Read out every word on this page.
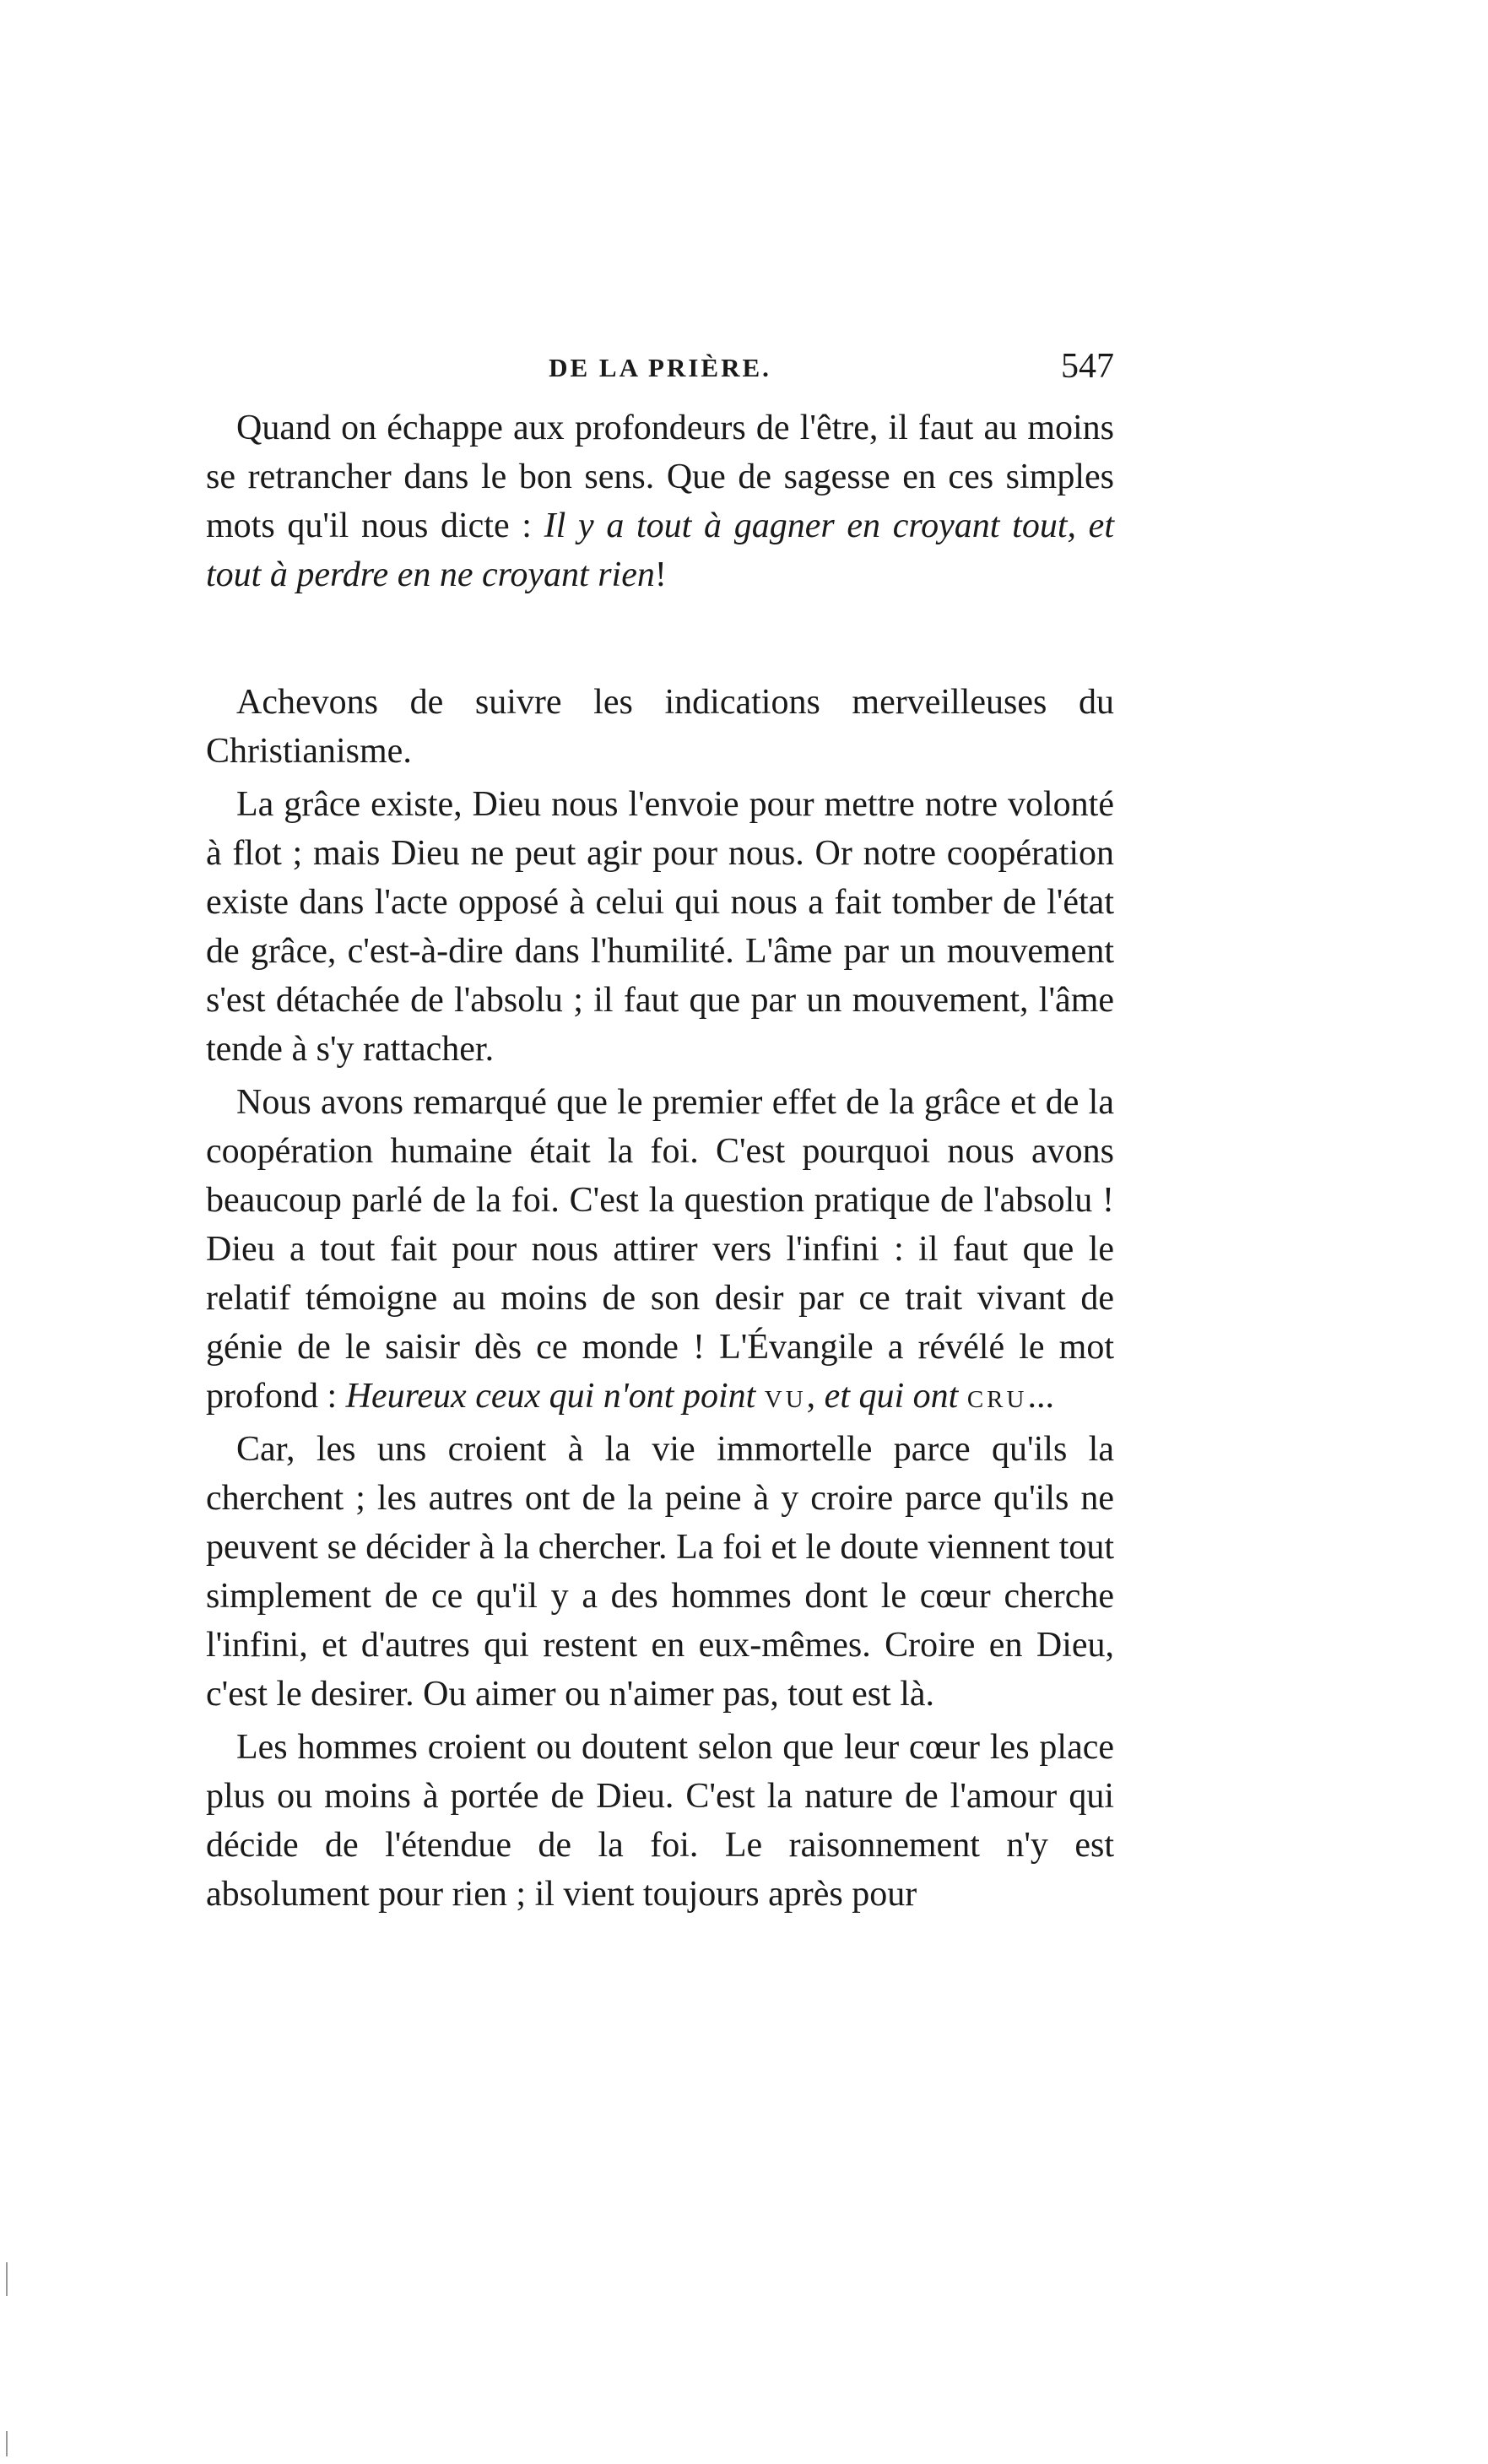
DE LA PRIÈRE.	547

Quand on échappe aux profondeurs de l'être, il faut au moins se retrancher dans le bon sens. Que de sagesse en ces simples mots qu'il nous dicte : Il y a tout à gagner en croyant tout, et tout à perdre en ne croyant rien!

Achevons de suivre les indications merveilleuses du Christianisme.

La grâce existe, Dieu nous l'envoie pour mettre notre volonté à flot ; mais Dieu ne peut agir pour nous. Or notre coopération existe dans l'acte opposé à celui qui nous a fait tomber de l'état de grâce, c'est-à-dire dans l'humilité. L'âme par un mouvement s'est détachée de l'absolu ; il faut que par un mouvement, l'âme tende à s'y rattacher.

Nous avons remarqué que le premier effet de la grâce et de la coopération humaine était la foi. C'est pourquoi nous avons beaucoup parlé de la foi. C'est la question pratique de l'absolu ! Dieu a tout fait pour nous attirer vers l'infini : il faut que le relatif témoigne au moins de son desir par ce trait vivant de génie de le saisir dès ce monde ! L'Évangile a révélé le mot profond : Heureux ceux qui n'ont point vu, et qui ont cru...

Car, les uns croient à la vie immortelle parce qu'ils la cherchent ; les autres ont de la peine à y croire parce qu'ils ne peuvent se décider à la chercher. La foi et le doute viennent tout simplement de ce qu'il y a des hommes dont le cœur cherche l'infini, et d'autres qui restent en eux-mêmes. Croire en Dieu, c'est le desirer. Ou aimer ou n'aimer pas, tout est là.

Les hommes croient ou doutent selon que leur cœur les place plus ou moins à portée de Dieu. C'est la nature de l'amour qui décide de l'étendue de la foi. Le raisonnement n'y est absolument pour rien ; il vient toujours après pour
